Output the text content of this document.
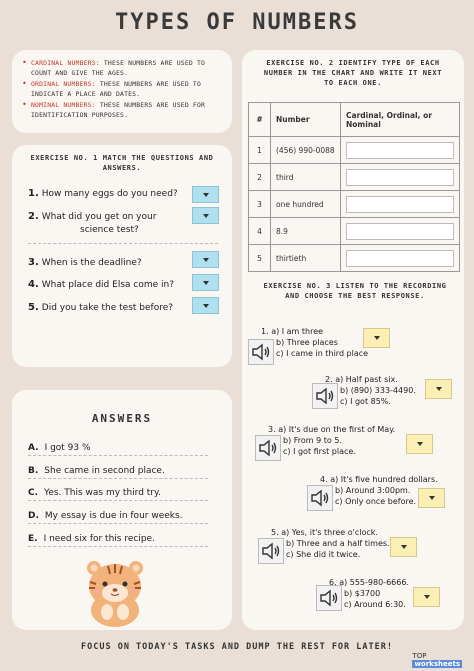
TYPES OF NUMBERS
• CARDINAL NUMBERS: THESE NUMBERS ARE USED TO COUNT AND GIVE THE AGES.
• ORDINAL NUMBERS: THESE NUMBERS ARE USED TO INDICATE A PLACE AND DATES.
• NOMINAL NUMBERS: THESE NUMBERS ARE USED FOR IDENTIFICATION PURPOSES.
EXERCISE NO. 1 MATCH THE QUESTIONS AND ANSWERS.
1. How many eggs do you need?
2. What did you get on your
science test?
3. When is the deadline?
4. What place did Elsa come in?
5. Did you take the test before?
ANSWERS
A. I got 93 %
B. She came in second place.
C. Yes. This was my third try.
D. My essay is due in four weeks.
E. I need six for this recipe.
EXERCISE NO. 2 IDENTIFY TYPE OF EACH NUMBER IN THE CHART AND WRITE IT NEXT TO EACH ONE.
#	Number	Cardinal, Ordinal, or Nominal
1	(456) 990-0088	

2	third	

3	one hundred	

4	8.9	

5	thirtieth	
EXERCISE NO. 3 LISTEN TO THE RECORDING AND CHOOSE THE BEST RESPONSE.
1. a) I am three
b) Three places
c) I came in third place
2. a) Half past six.
b) (890) 333-4490.
c) I got 85%.
3. a) It's due on the first of May.
b) From 9 to 5.
c) I got first place.
4. a) It's five hundred dollars.
b) Around 3:00pm.
c) Only once before.
5. a) Yes, it's three o'clock.
b) Three and a half times.
c) She did it twice.
6. a) 555-980-6666.
b) $3700
c) Around 6:30.
FOCUS ON TODAY'S TASKS AND DUMP THE REST FOR LATER!
TOP
worksheets
